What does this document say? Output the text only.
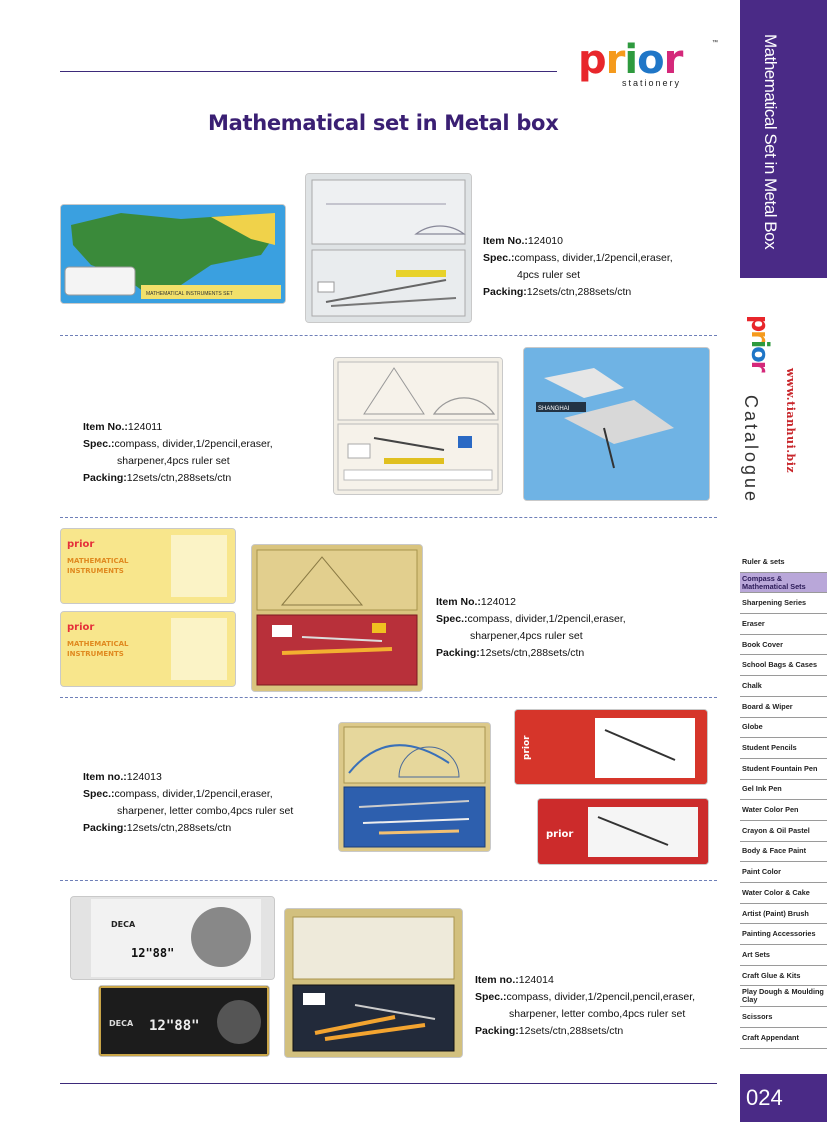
prior
stationery
™
Mathematical set in Metal box
MATHEMATICAL INSTRUMENTS SET
Item No.:124010
Spec.:compass, divider,1/2pencil,eraser,
4pcs ruler set
Packing:12sets/ctn,288sets/ctn
SHANGHAI
Item No.:124011
Spec.:compass, divider,1/2pencil,eraser,
sharpener,4pcs ruler set
Packing:12sets/ctn,288sets/ctn
prior
MATHEMATICAL
INSTRUMENTS
prior
MATHEMATICAL
INSTRUMENTS
Item No.:124012
Spec.:compass, divider,1/2pencil,eraser,
sharpener,4pcs ruler set
Packing:12sets/ctn,288sets/ctn
prior
prior
Item no.:124013
Spec.:compass, divider,1/2pencil,eraser,
sharpener, letter combo,4pcs ruler set
Packing:12sets/ctn,288sets/ctn
DECA
12"88"
DECA 12"88"
Item no.:124014
Spec.:compass, divider,1/2pencil,pencil,eraser,
sharpener, letter combo,4pcs ruler set
Packing:12sets/ctn,288sets/ctn
Mathematical Set in Metal Box
prior
Catalogue www.tianhui.biz
Ruler & sets
Compass & Mathematical Sets
Sharpening Series
Eraser
Book Cover
School Bags & Cases
Chalk
Board & Wiper
Globe
Student Pencils
Student Fountain Pen
Gel Ink Pen
Water Color Pen
Crayon & Oil Pastel
Body & Face Paint
Paint Color
Water Color & Cake
Artist (Paint) Brush
Painting Accessories
Art Sets
Craft Glue & Kits
Play Dough & Moulding Clay
Scissors
Craft Appendant
024
